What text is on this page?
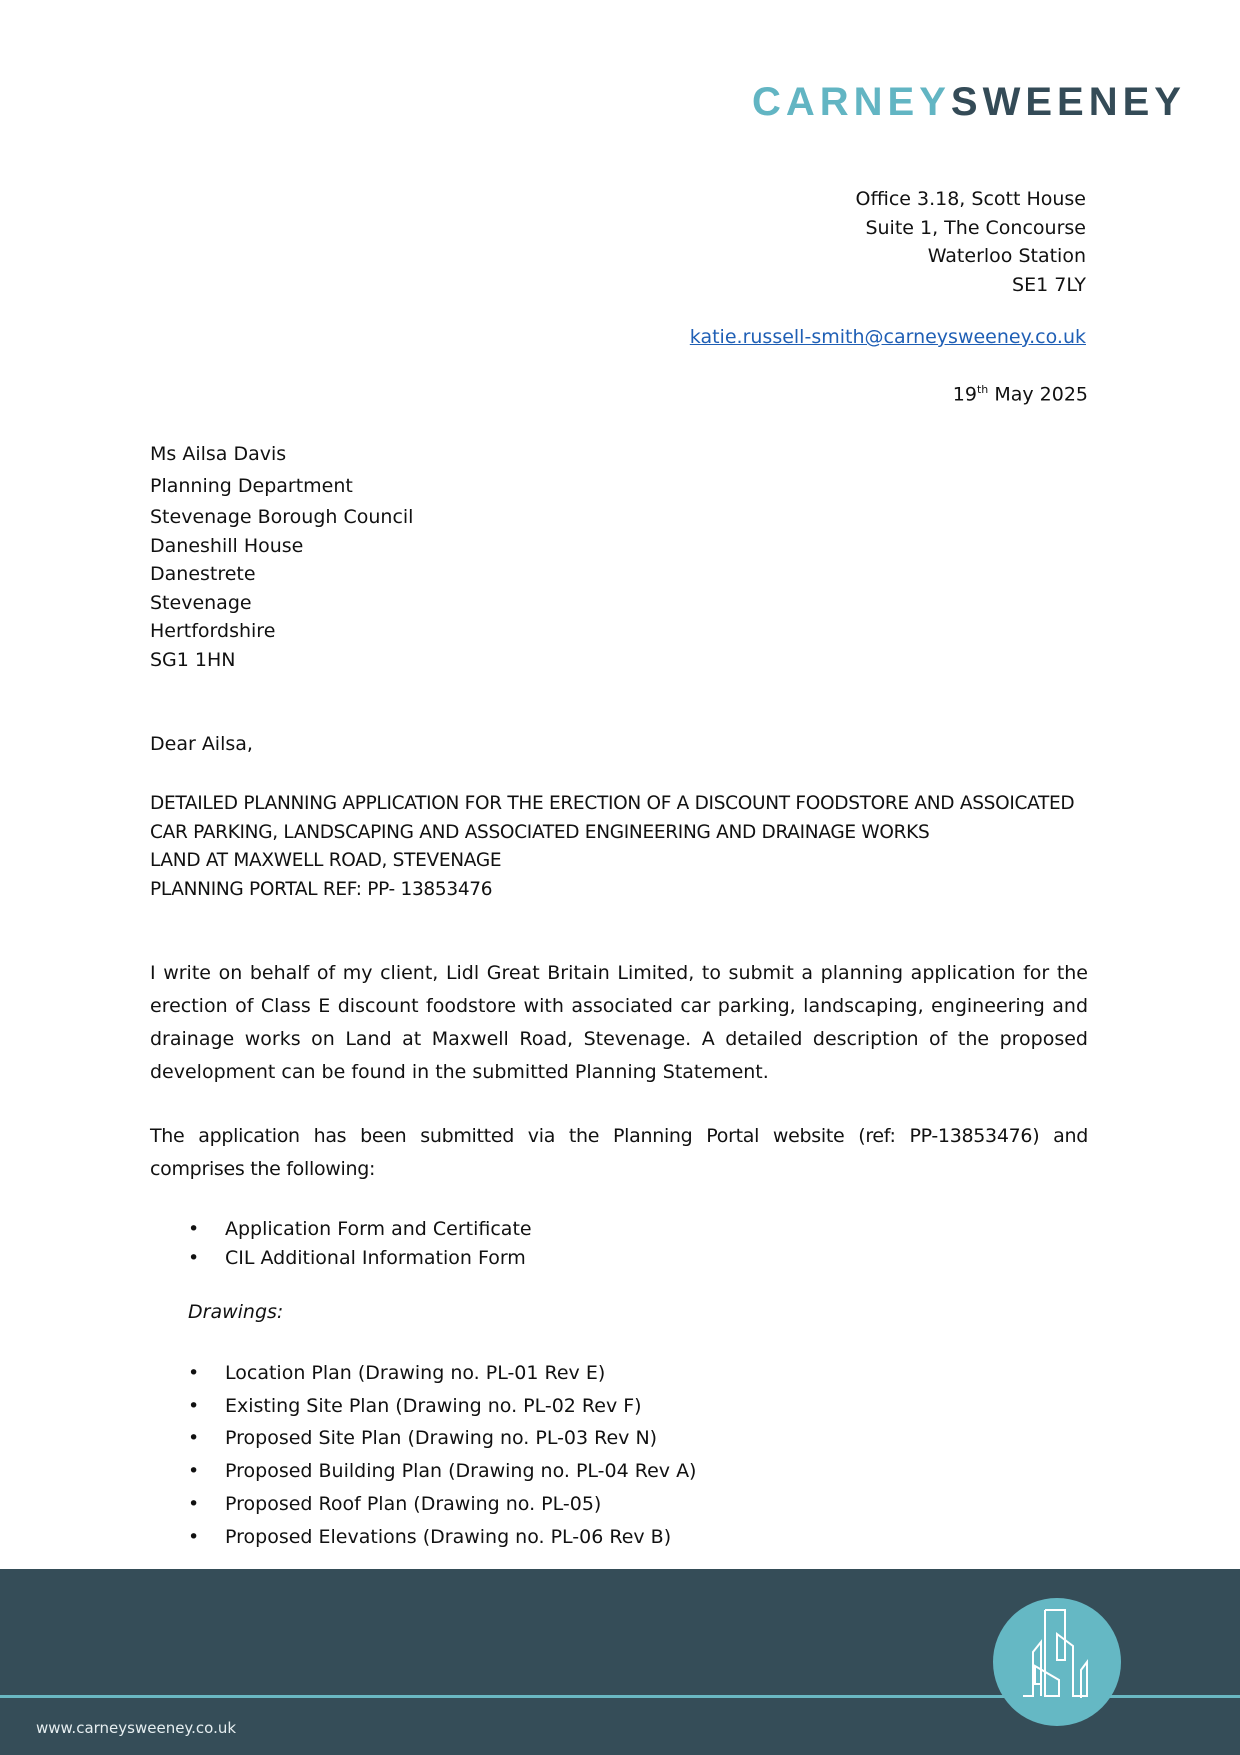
CARNEYSWEENEY
Office 3.18, Scott House
Suite 1, The Concourse
Waterloo Station
SE1 7LY
katie.russell-smith@carneysweeney.co.uk
19th May 2025
Ms Ailsa Davis
Planning Department
Stevenage Borough Council
Daneshill House
Danestrete
Stevenage
Hertfordshire
SG1 1HN
Dear Ailsa,
DETAILED PLANNING APPLICATION FOR THE ERECTION OF A DISCOUNT FOODSTORE AND ASSOICATED CAR PARKING, LANDSCAPING AND ASSOCIATED ENGINEERING AND DRAINAGE WORKS
LAND AT MAXWELL ROAD, STEVENAGE
PLANNING PORTAL REF: PP- 13853476

I write on behalf of my client, Lidl Great Britain Limited, to submit a planning application for the erection of Class E discount foodstore with associated car parking, landscaping, engineering and drainage works on Land at Maxwell Road, Stevenage. A detailed description of the proposed development can be found in the submitted Planning Statement.

The application has been submitted via the Planning Portal website (ref: PP-13853476) and comprises the following:

• Application Form and Certificate
• CIL Additional Information Form
Drawings:
• Location Plan (Drawing no. PL-01 Rev E)
• Existing Site Plan (Drawing no. PL-02 Rev F)
• Proposed Site Plan (Drawing no. PL-03 Rev N)
• Proposed Building Plan (Drawing no. PL-04 Rev A)
• Proposed Roof Plan (Drawing no. PL-05)
• Proposed Elevations (Drawing no. PL-06 Rev B)
www.carneysweeney.co.uk
